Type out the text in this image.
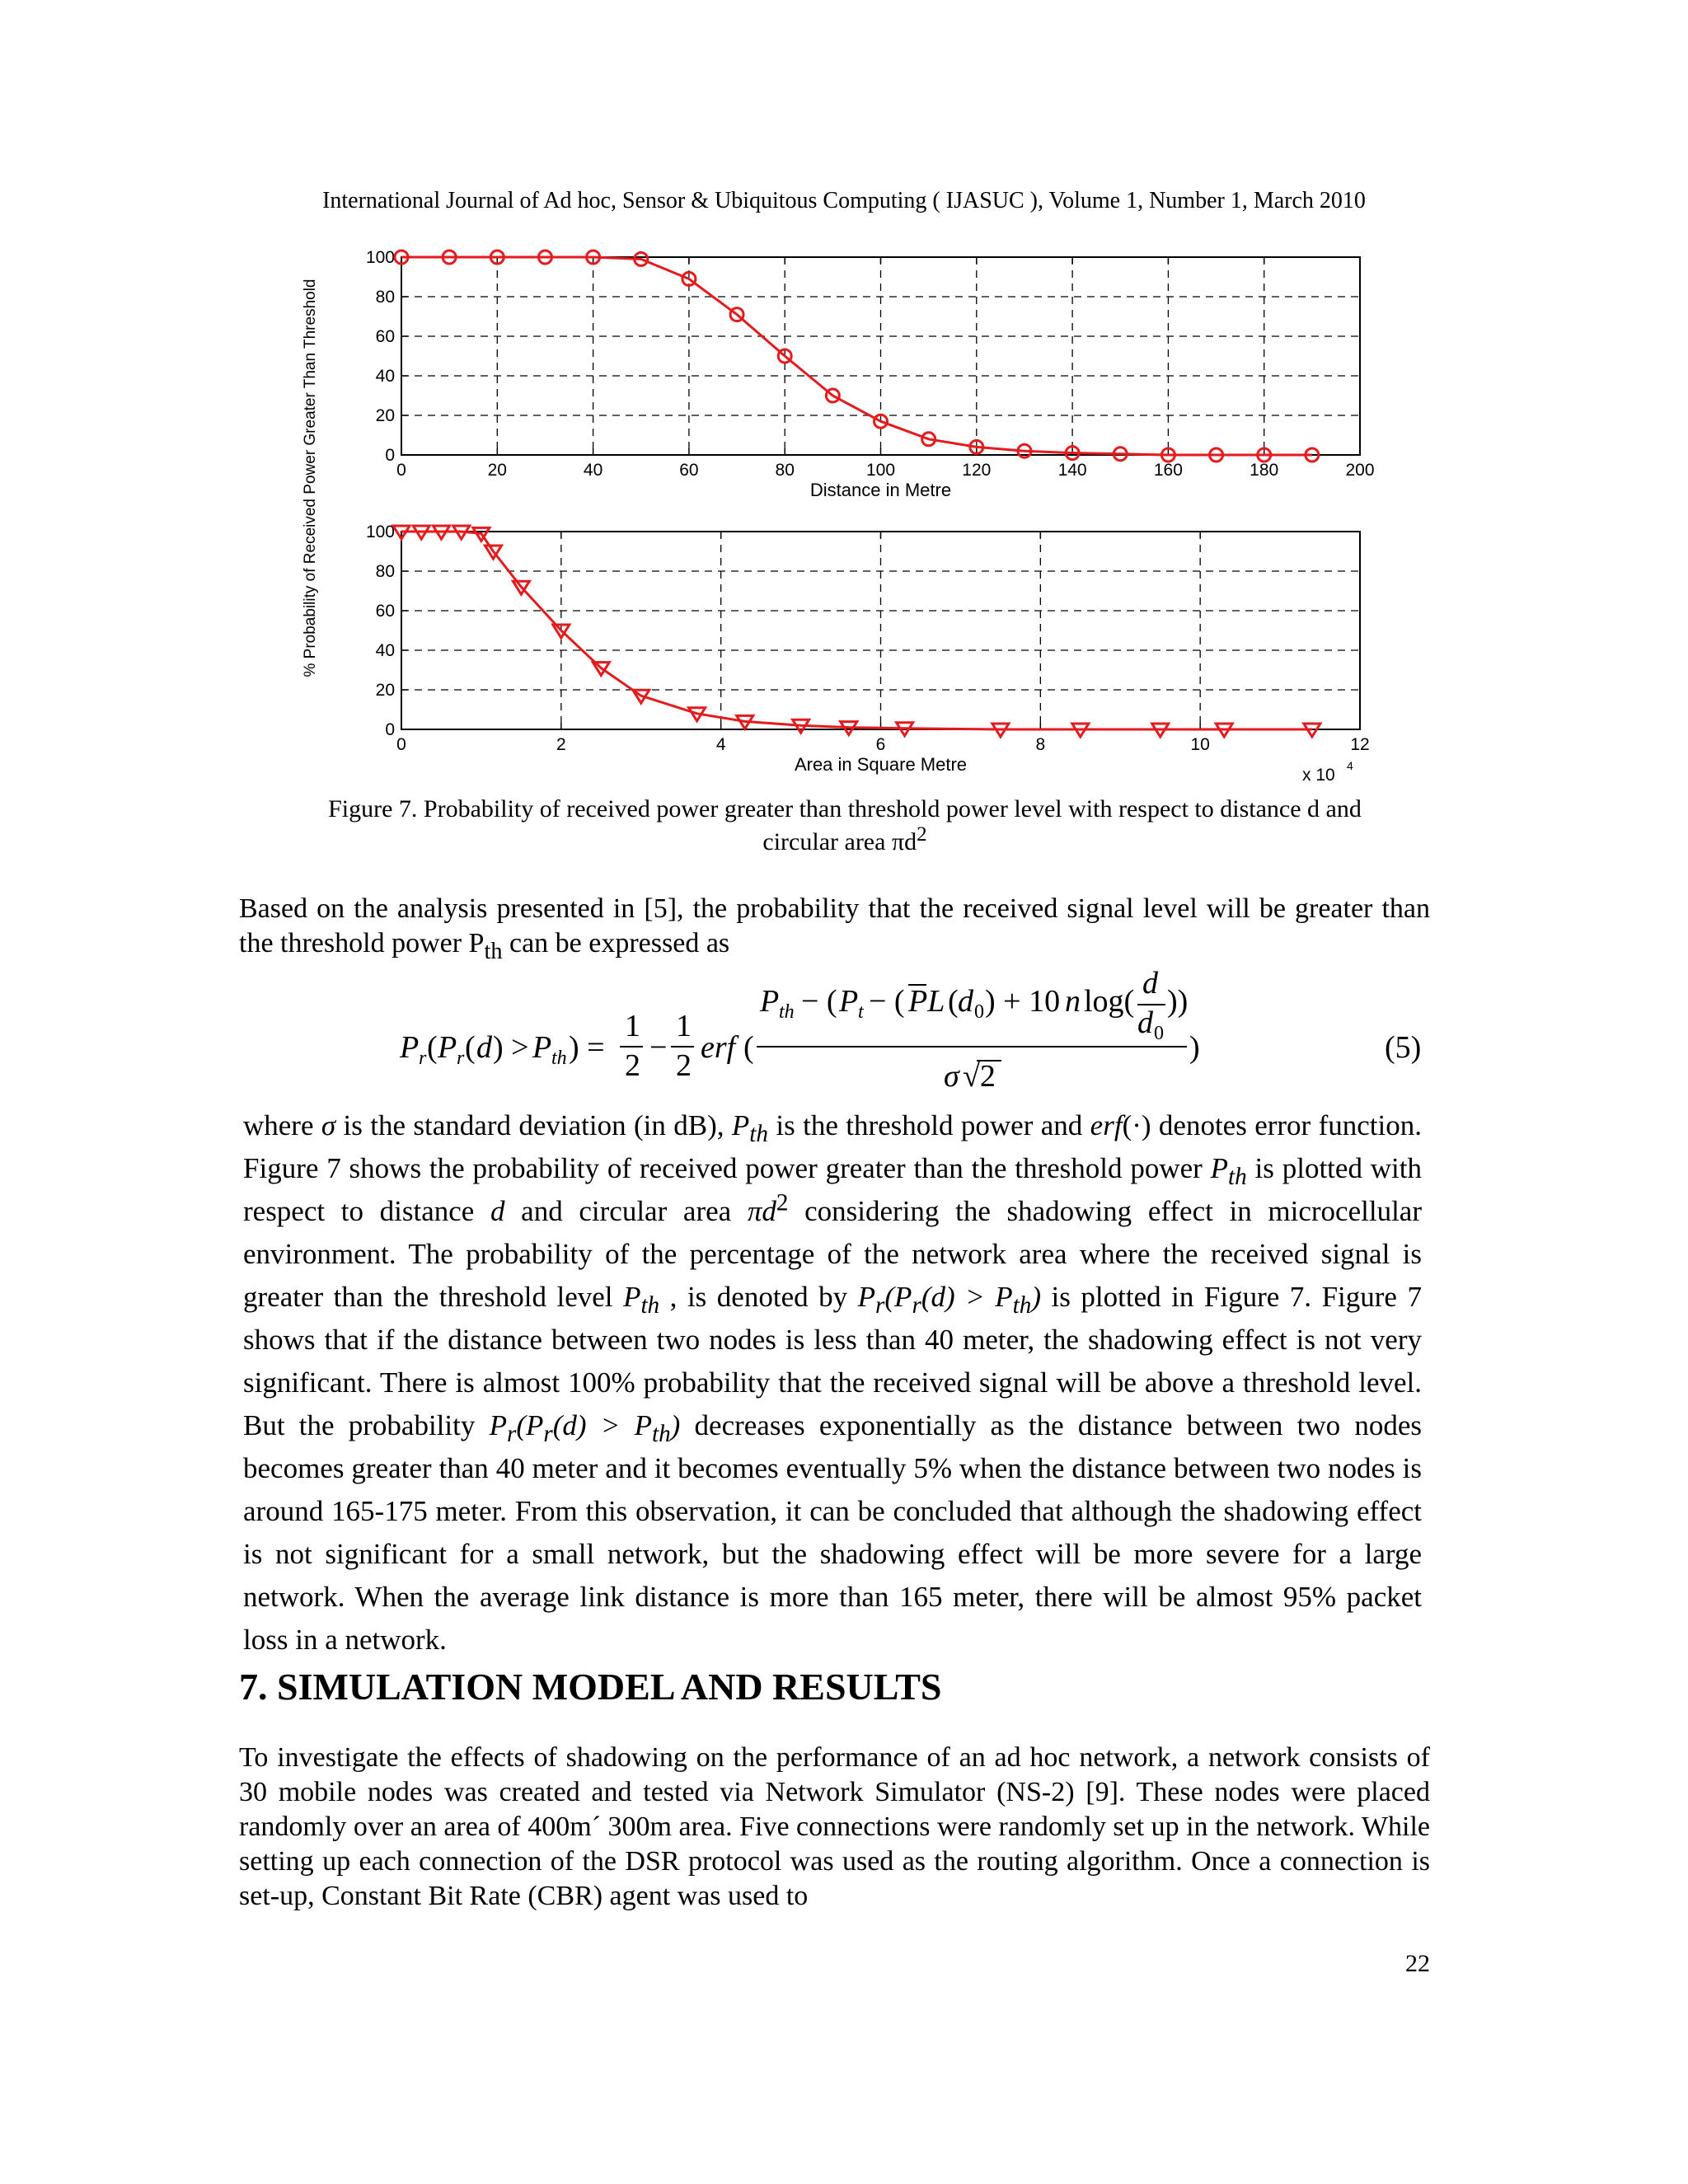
International Journal of Ad hoc, Sensor & Ubiquitous Computing ( IJASUC ), Volume 1, Number 1, March 2010
% Probability of Received Power Greater Than Threshold	0	20	40	60	80	100	120	140	160	180	200
0
20
40
60
80
100
Distance in Metre
0	2	4	6	8	10	12
0
20
40
60
80
100
Area in Square Metre
x 10 4
Figure 7. Probability of received power greater than threshold power level with respect to distance d and
circular area $\pi d^2$
Based on the analysis presented in [5], the probability that the received signal level will be greater than the threshold power $P_{th}$ can be expressed as
P r ( P r ( d ) > P th ) =
1
2
−
1
2
erf (
P th − ( P t − ( PL ( d 0 ) + 10 n log(
d
d 0
))
σ √2
)	(5)
where σ is the standard deviation (in dB), $P_{th}$ is the threshold power and erf(·) denotes error function. Figure 7 shows the probability of received power greater than the threshold power $P_{th}$ is plotted with respect to distance d and circular area $\pi d^2$ considering the shadowing effect in microcellular environment. The probability of the percentage of the network area where the received signal is greater than the threshold level $P_{th}$ , is denoted by $P_r(P_r(d) > P_{th})$ is plotted in Figure 7. Figure 7 shows that if the distance between two nodes is less than 40 meter, the shadowing effect is not very significant. There is almost 100% probability that the received signal will be above a threshold level. But the probability $P_r(P_r(d) > P_{th})$ decreases exponentially as the distance between two nodes becomes greater than 40 meter and it becomes eventually 5% when the distance between two nodes is around 165-175 meter. From this observation, it can be concluded that although the shadowing effect is not significant for a small network, but the shadowing effect will be more severe for a large network. When the average link distance is more than 165 meter, there will be almost 95% packet loss in a network.
7. SIMULATION MODEL AND RESULTS
To investigate the effects of shadowing on the performance of an ad hoc network, a network consists of 30 mobile nodes was created and tested via Network Simulator (NS-2) [9]. These nodes were placed randomly over an area of 400m´ 300m area. Five connections were randomly set up in the network. While setting up each connection of the DSR protocol was used as the routing algorithm. Once a connection is set-up, Constant Bit Rate (CBR) agent was used to
22
